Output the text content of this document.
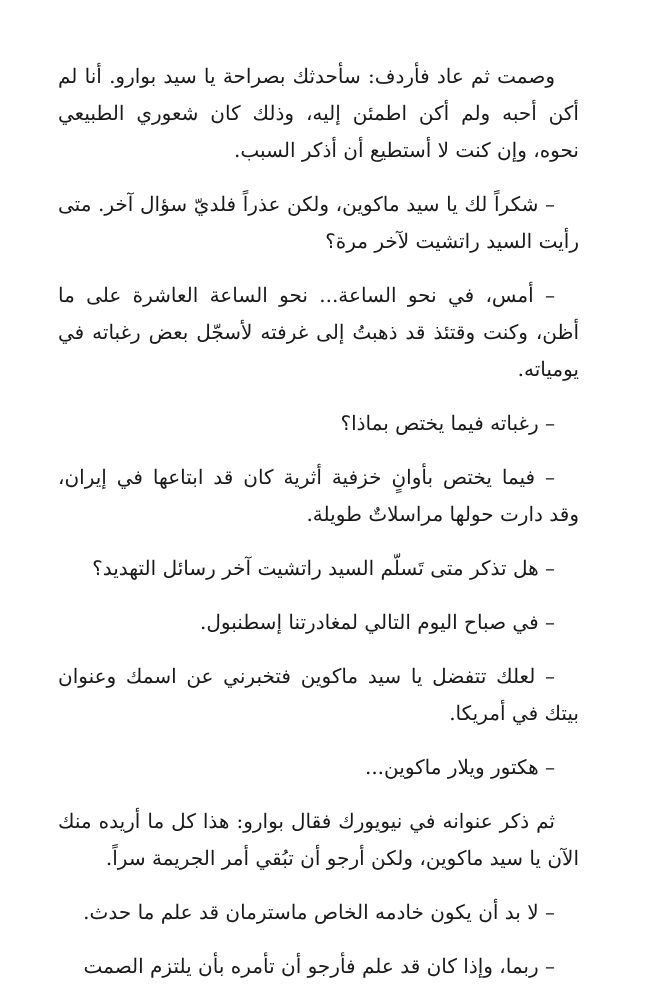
وصمت ثم عاد فأردف: سأحدثك بصراحة يا سيد بوارو. أنا لم أكن أحبه ولم أكن اطمئن إليه، وذلك كان شعوري الطبيعي نحوه، وإن كنت لا أستطيع أن أذكر السبب.

– شكراً لك يا سيد ماكوين، ولكن عذراً فلديّ سؤال آخر. متى رأيت السيد راتشيت لآخر مرة؟

– أمس، في نحو الساعة... نحو الساعة العاشرة على ما أظن، وكنت وقتئذ قد ذهبتُ إلى غرفته لأسجّل بعض رغباته في يومياته.

– رغباته فيما يختص بماذا؟

– فيما يختص بأوانٍ خزفية أثرية كان قد ابتاعها في إيران، وقد دارت حولها مراسلاتٌ طويلة.

– هل تذكر متى تَسلّم السيد راتشيت آخر رسائل التهديد؟

– في صباح اليوم التالي لمغادرتنا إسطنبول.

– لعلك تتفضل يا سيد ماكوين فتخبرني عن اسمك وعنوان بيتك في أمريكا.

– هكتور ويلار ماكوين...

ثم ذكر عنوانه في نيويورك فقال بوارو: هذا كل ما أريده منك الآن يا سيد ماكوين، ولكن أرجو أن تبُقي أمر الجريمة سراً.

– لا بد أن يكون خادمه الخاص ماسترمان قد علم ما حدث.

– ربما، وإذا كان قد علم فأرجو أن تأمره بأن يلتزم الصمت
